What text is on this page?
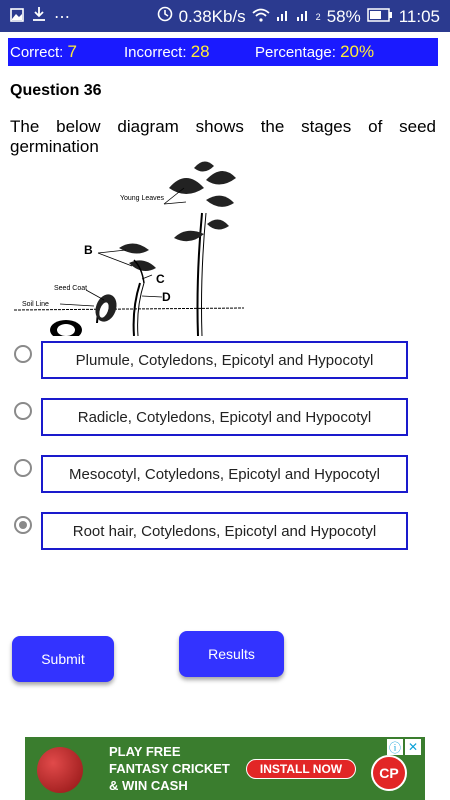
⋯	0.38Kb/s	2 58% 11:05
Correct: 7	Incorrect: 28	Percentage: 20%
Question 36
The below diagram shows the stages of seed germination
Young Leaves
B
C
D
Seed Coat
Soil Line
Plumule, Cotyledons, Epicotyl and Hypocotyl
Radicle, Cotyledons, Epicotyl and Hypocotyl
Mesocotyl, Cotyledons, Epicotyl and Hypocotyl
Root hair, Cotyledons, Epicotyl and Hypocotyl
Submit	Results
PLAY FREE
FANTASY CRICKET
& WIN CASH
INSTALL NOW	CP
ⓘ ✕
